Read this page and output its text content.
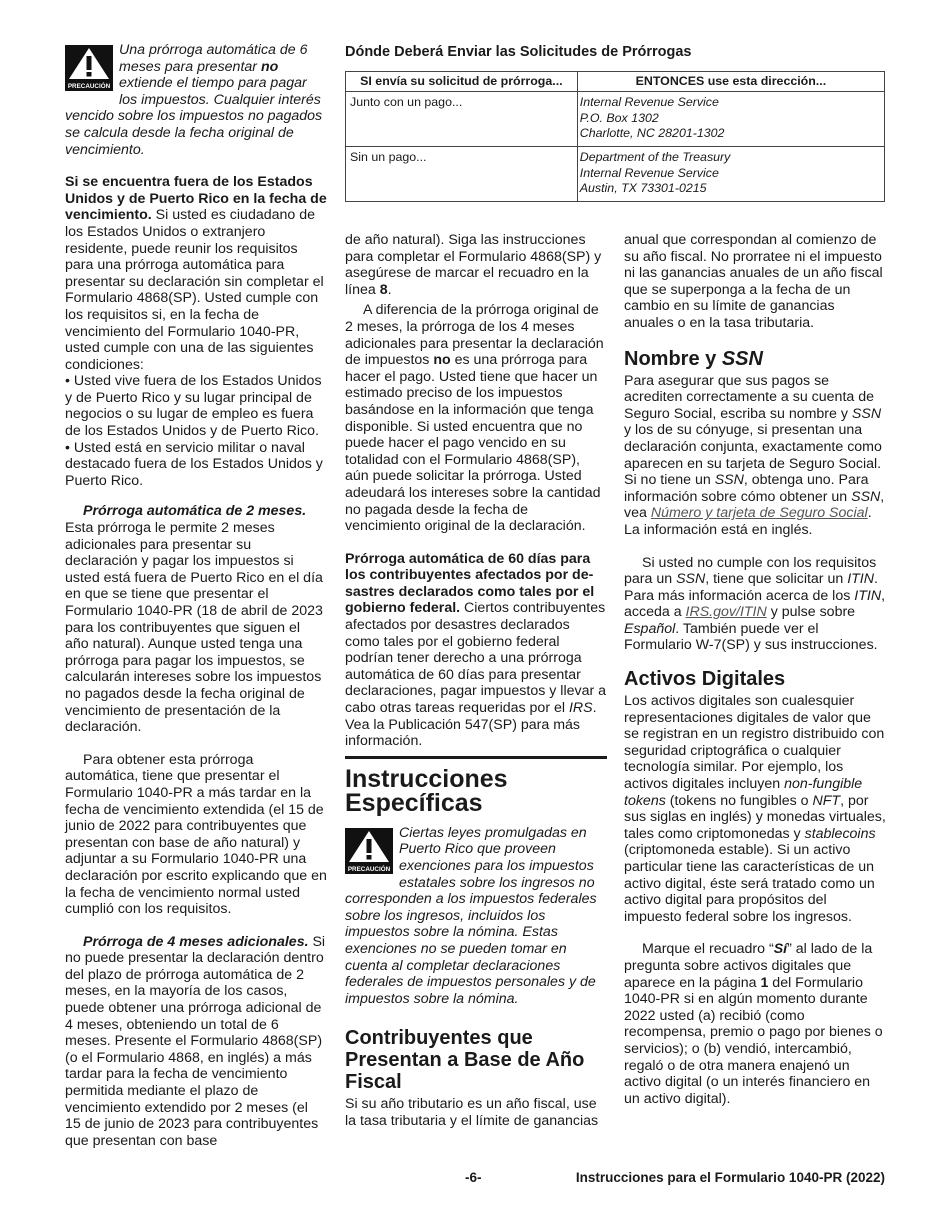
PRECAUCIÓN

Una prórroga automática de 6 meses para presentar no extiende el tiempo para pagar los impuestos. Cualquier interés vencido sobre los impuestos no pagados se calcula desde la fecha original de vencimiento.

Si se encuentra fuera de los Estados Unidos y de Puerto Rico en la fecha de vencimiento. Si usted es ciudadano de los Estados Unidos o extranjero residente, puede reunir los requisitos para una prórroga automática para presentar su declaración sin completar el Formulario 4868(SP). Usted cumple con los requisitos si, en la fecha de vencimiento del Formulario 1040-PR, usted cumple con una de las siguientes condiciones:

• Usted vive fuera de los Estados Unidos y de Puerto Rico y su lugar principal de negocios o su lugar de empleo es fuera de los Estados Unidos y de Puerto Rico.
• Usted está en servicio militar o naval destacado fuera de los Estados Unidos y Puerto Rico.

Prórroga automática de 2 meses. Esta prórroga le permite 2 meses adicionales para presentar su declaración y pagar los impuestos si usted está fuera de Puerto Rico en el día en que se tiene que presentar el Formulario 1040-PR (18 de abril de 2023 para los contribuyentes que siguen el año natural). Aunque usted tenga una prórroga para pagar los impuestos, se calcularán intereses sobre los impuestos no pagados desde la fecha original de vencimiento de presentación de la declaración.

Para obtener esta prórroga automática, tiene que presentar el Formulario 1040-PR a más tardar en la fecha de vencimiento extendida (el 15 de junio de 2022 para contribuyentes que presentan con base de año natural) y adjuntar a su Formulario 1040-PR una declaración por escrito explicando que en la fecha de vencimiento normal usted cumplió con los requisitos.

Prórroga de 4 meses adicionales. Si no puede presentar la declaración dentro del plazo de prórroga automática de 2 meses, en la mayoría de los casos, puede obtener una prórroga adicional de 4 meses, obteniendo un total de 6 meses. Presente el Formulario 4868(SP) (o el Formulario 4868, en inglés) a más tardar para la fecha de vencimiento permitida mediante el plazo de vencimiento extendido por 2 meses (el 15 de junio de 2023 para contribuyentes que presentan con base

Dónde Deberá Enviar las Solicitudes de Prórrogas
SI envía su solicitud de prórroga...	ENTONCES use esta dirección...
Junto con un pago...	Internal Revenue Service
P.O. Box 1302
Charlotte, NC 28201-1302

Sin un pago...	Department of the Treasury
Internal Revenue Service
Austin, TX 73301-0215

de año natural). Siga las instrucciones para completar el Formulario 4868(SP) y asegúrese de marcar el recuadro en la línea 8.

A diferencia de la prórroga original de 2 meses, la prórroga de los 4 meses adicionales para presentar la declaración de impuestos no es una prórroga para hacer el pago. Usted tiene que hacer un estimado preciso de los impuestos basándose en la información que tenga disponible. Si usted encuentra que no puede hacer el pago vencido en su totalidad con el Formulario 4868(SP), aún puede solicitar la prórroga. Usted adeudará los intereses sobre la cantidad no pagada desde la fecha de vencimiento original de la declaración.

Prórroga automática de 60 días para los contribuyentes afectados por desastres declarados como tales por el gobierno federal. Ciertos contribuyentes afectados por desastres declarados como tales por el gobierno federal podrían tener derecho a una prórroga automática de 60 días para presentar declaraciones, pagar impuestos y llevar a cabo otras tareas requeridas por el IRS. Vea la Publicación 547(SP) para más información.

Instrucciones Específicas
PRECAUCIÓN

Ciertas leyes promulgadas en Puerto Rico que proveen exenciones para los impuestos estatales sobre los ingresos no corresponden a los impuestos federales sobre los ingresos, incluidos los impuestos sobre la nómina. Estas exenciones no se pueden tomar en cuenta al completar declaraciones federales de impuestos personales y de impuestos sobre la nómina.

Contribuyentes que Presentan a Base de Año Fiscal

Si su año tributario es un año fiscal, use la tasa tributaria y el límite de ganancias

anual que correspondan al comienzo de su año fiscal. No prorratee ni el impuesto ni las ganancias anuales de un año fiscal que se superponga a la fecha de un cambio en su límite de ganancias anuales o en la tasa tributaria.

Nombre y SSN

Para asegurar que sus pagos se acrediten correctamente a su cuenta de Seguro Social, escriba su nombre y SSN y los de su cónyuge, si presentan una declaración conjunta, exactamente como aparecen en su tarjeta de Seguro Social. Si no tiene un SSN, obtenga uno. Para información sobre cómo obtener un SSN, vea Número y tarjeta de Seguro Social. La información está en inglés.

Si usted no cumple con los requisitos para un SSN, tiene que solicitar un ITIN. Para más información acerca de los ITIN, acceda a IRS.gov/ITIN y pulse sobre Español. También puede ver el Formulario W-7(SP) y sus instrucciones.

Activos Digitales

Los activos digitales son cualesquier representaciones digitales de valor que se registran en un registro distribuido con seguridad criptográfica o cualquier tecnología similar. Por ejemplo, los activos digitales incluyen non-fungible tokens (tokens no fungibles o NFT, por sus siglas en inglés) y monedas virtuales, tales como criptomonedas y stablecoins (criptomoneda estable). Si un activo particular tiene las características de un activo digital, éste será tratado como un activo digital para propósitos del impuesto federal sobre los ingresos.

Marque el recuadro “Sí” al lado de la pregunta sobre activos digitales que aparece en la página 1 del Formulario 1040-PR si en algún momento durante 2022 usted (a) recibió (como recompensa, premio o pago por bienes o servicios); o (b) vendió, intercambió, regaló o de otra manera enajenó un activo digital (o un interés financiero en un activo digital).

-6-	Instrucciones para el Formulario 1040-PR (2022)
